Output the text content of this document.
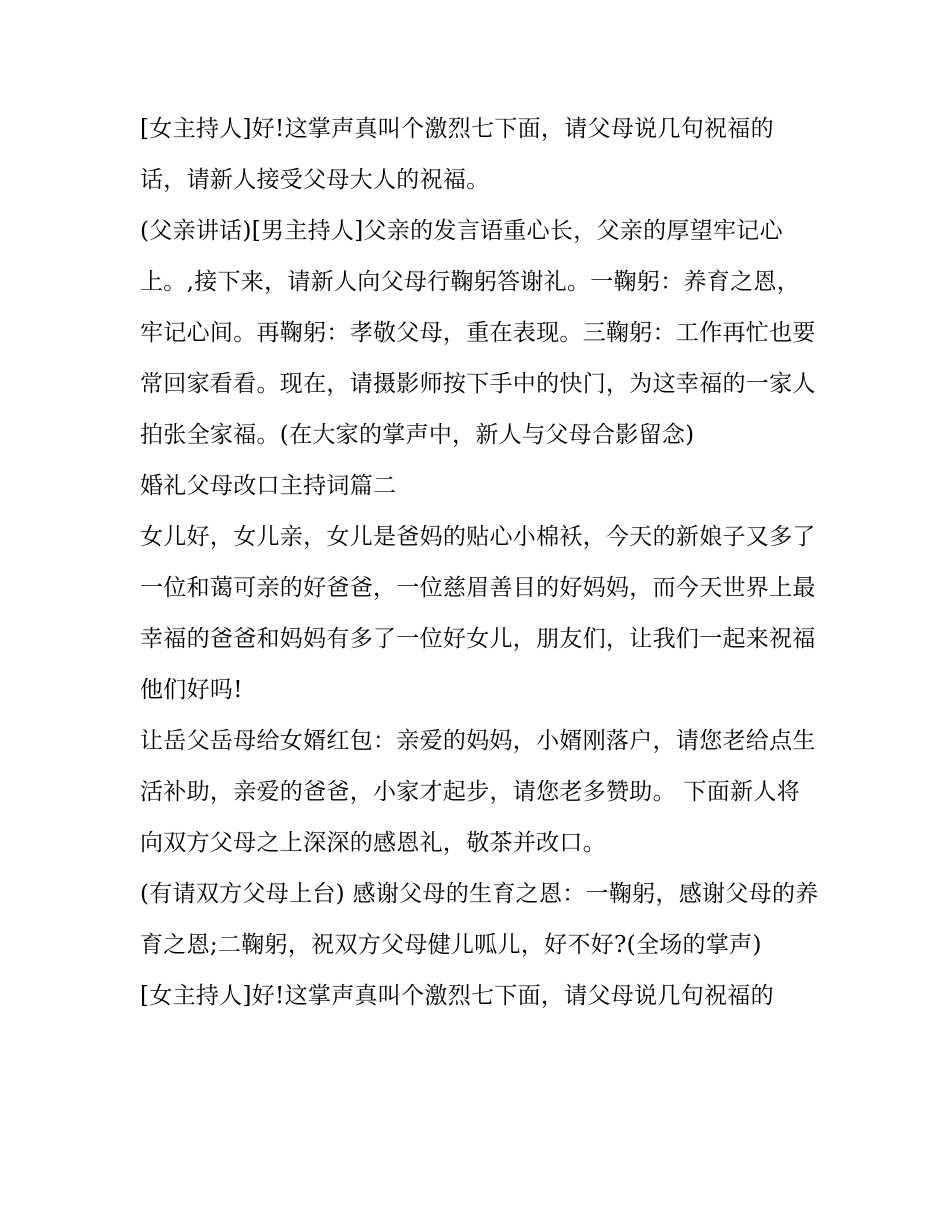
[女主持人]好!这掌声真叫个激烈七下面，请父母说几句祝福的话，请新人接受父母大人的祝福。

(父亲讲话)[男主持人]父亲的发言语重心长，父亲的厚望牢记心上。,接下来，请新人向父母行鞠躬答谢礼。一鞠躬：养育之恩，牢记心间。再鞠躬：孝敬父母，重在表现。三鞠躬：工作再忙也要常回家看看。现在，请摄影师按下手中的快门，为这幸福的一家人拍张全家福。(在大家的掌声中，新人与父母合影留念)

婚礼父母改口主持词篇二

女儿好，女儿亲，女儿是爸妈的贴心小棉袄，今天的新娘子又多了一位和蔼可亲的好爸爸，一位慈眉善目的好妈妈，而今天世界上最幸福的爸爸和妈妈有多了一位好女儿，朋友们，让我们一起来祝福他们好吗!

让岳父岳母给女婿红包：亲爱的妈妈，小婿刚落户，请您老给点生活补助，亲爱的爸爸，小家才起步，请您老多赞助。 下面新人将向双方父母之上深深的感恩礼，敬茶并改口。

(有请双方父母上台) 感谢父母的生育之恩：一鞠躬，感谢父母的养育之恩;二鞠躬，祝双方父母健儿呱儿，好不好?(全场的掌声)

[女主持人]好!这掌声真叫个激烈七下面，请父母说几句祝福的
